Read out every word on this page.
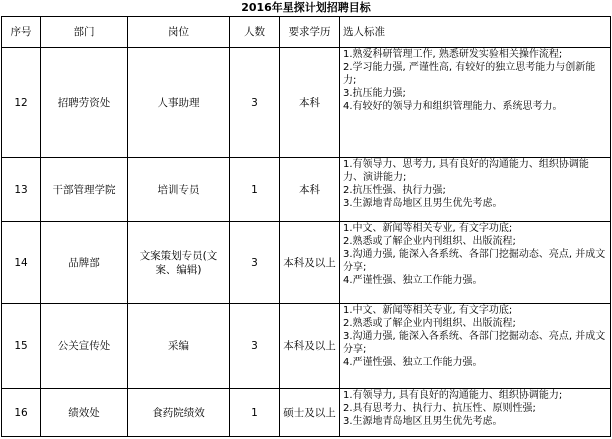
2016年星探计划招聘目标
序号	部门	岗位	人数	要求学历	选人标准
12	招聘劳资处	人事助理	3	本科	1.熟爱科研管理工作, 熟悉研发实验相关操作流程;
2.学习能力强, 严谨性高, 有较好的独立思考能力与创新能力;
3.抗压能力强;
4.有较好的领导力和组织管理能力、系统思考力。

13	干部管理学院	培训专员	1	本科	1.有领导力、思考力, 具有良好的沟通能力、组织协调能力、演讲能力;
2.抗压性强、执行力强;
3.生源地青岛地区且男生优先考虑。

14	品牌部	文案策划专员(文案、编辑)	3	本科及以上	1.中文、新闻等相关专业, 有文字功底;
2.熟悉或了解企业内刊组织、出版流程;
3.沟通力强, 能深入各系统、各部门挖掘动态、亮点, 并成文分享;
4.严谨性强、独立工作能力强。

15	公关宣传处	采编	3	本科及以上	1.中文、新闻等相关专业, 有文字功底;
2.熟悉或了解企业内刊组织、出版流程;
3.沟通力强, 能深入各系统、各部门挖掘动态、亮点, 并成文分享;
4.严谨性强、独立工作能力强。

16	绩效处	食药院绩效	1	硕士及以上	1.有领导力, 具有良好的沟通能力、组织协调能力;
2.具有思考力、执行力、抗压性、原则性强;
3.生源地青岛地区且男生优先考虑。
